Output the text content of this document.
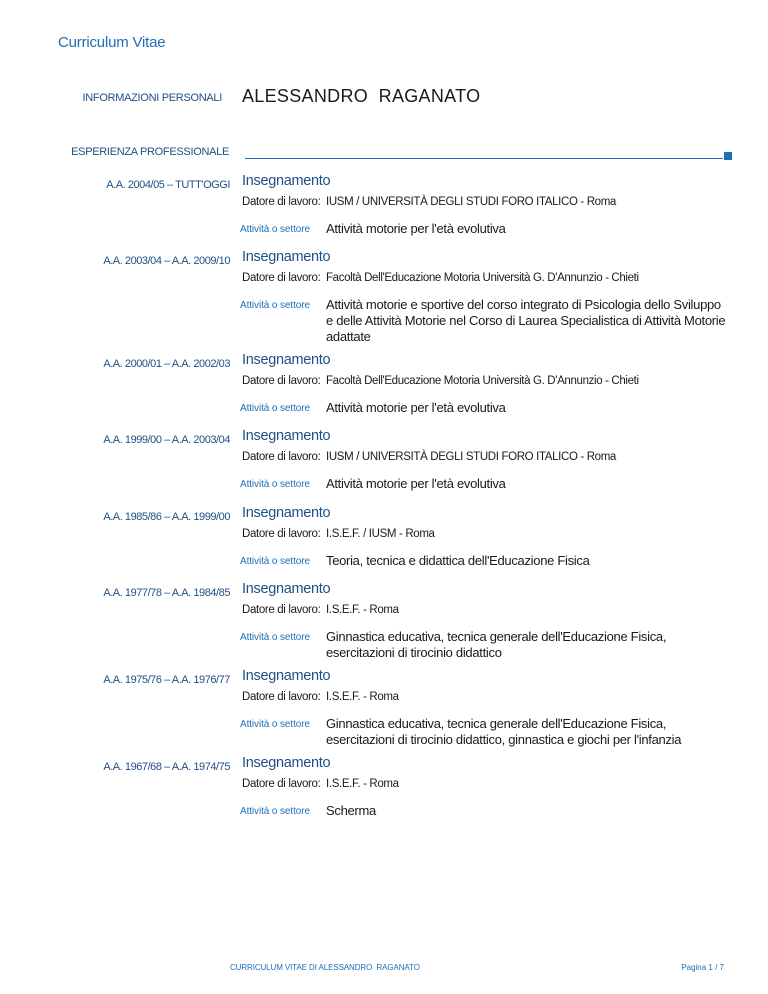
Curriculum Vitae
INFORMAZIONI PERSONALI ALESSANDRO  RAGANATO
ESPERIENZA PROFESSIONALE
A.A. 2004/05 – TUTT'OGGI Insegnamento
Datore di lavoro: IUSM / UNIVERSITÀ DEGLI STUDI FORO ITALICO - Roma
Attività o settore Attività motorie per l'età evolutiva
A.A. 2003/04 – A.A. 2009/10 Insegnamento
Datore di lavoro: Facoltà Dell'Educazione Motoria Università G. D'Annunzio - Chieti
Attività o settore Attività motorie e sportive del corso integrato di Psicologia dello Sviluppo e delle Attività Motorie nel Corso di Laurea Specialistica di Attività Motorie adattate
A.A. 2000/01 – A.A. 2002/03 Insegnamento
Datore di lavoro: Facoltà Dell'Educazione Motoria Università G. D'Annunzio - Chieti
Attività o settore Attività motorie per l'età evolutiva
A.A. 1999/00 – A.A. 2003/04 Insegnamento
Datore di lavoro: IUSM / UNIVERSITÀ DEGLI STUDI FORO ITALICO - Roma
Attività o settore Attività motorie per l'età evolutiva
A.A. 1985/86 – A.A. 1999/00 Insegnamento
Datore di lavoro: I.S.E.F. / IUSM - Roma
Attività o settore Teoria, tecnica e didattica dell'Educazione Fisica
A.A. 1977/78 – A.A. 1984/85 Insegnamento
Datore di lavoro: I.S.E.F. - Roma
Attività o settore Ginnastica educativa, tecnica generale dell'Educazione Fisica, esercitazioni di tirocinio didattico
A.A. 1975/76 – A.A. 1976/77 Insegnamento
Datore di lavoro: I.S.E.F. - Roma
Attività o settore Ginnastica educativa, tecnica generale dell'Educazione Fisica, esercitazioni di tirocinio didattico, ginnastica e giochi per l'infanzia
A.A. 1967/68 – A.A. 1974/75 Insegnamento
Datore di lavoro: I.S.E.F. - Roma
Attività o settore Scherma
CURRICULUM VITAE DI ALESSANDRO  RAGANATO	Pagina 1 / 7
